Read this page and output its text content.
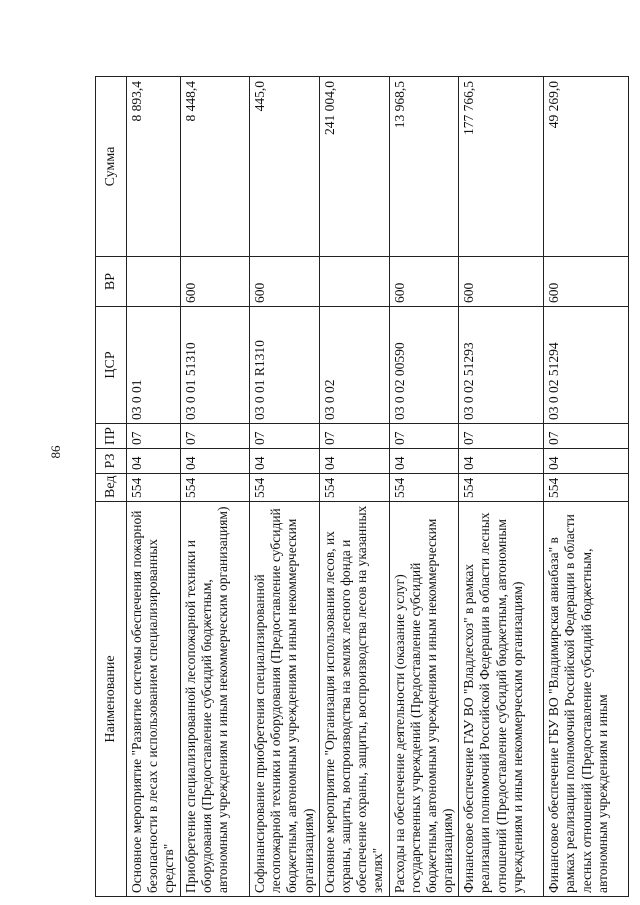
86
Наименование	Вед	РЗ	ПР	ЦСР	ВР	Сумма
Основное мероприятие "Развитие системы обеспечения пожарной безопасности в лесах с использованием специализированных средств"	554	04	07	03 0 01		8 893,4
Приобретение специализированной лесопожарной техники и оборудования (Предоставление субсидий бюджетным, автономным учреждениям и иным некоммерческим организациям)	554	04	07	03 0 01 51310	600	8 448,4
Софинансирование приобретения специализированной лесопожарной техники и оборудования (Предоставление субсидий бюджетным, автономным учреждениям и иным некоммерческим организациям)	554	04	07	03 0 01 R1310	600	445,0
Основное мероприятие "Организация использования лесов, их охраны, защиты, воспроизводства на землях лесного фонда и обеспечение охраны, защиты, воспроизводства лесов на указанных землях"	554	04	07	03 0 02		241 004,0
Расходы на обеспечение деятельности (оказание услуг) государственных учреждений (Предоставление субсидий бюджетным, автономным учреждениям и иным некоммерческим организациям)	554	04	07	03 0 02 00590	600	13 968,5
Финансовое обеспечение ГАУ ВО "Владлесхоз" в рамках реализации полномочий Российской Федерации в области лесных отношений (Предоставление субсидий бюджетным, автономным учреждениям и иным некоммерческим организациям)	554	04	07	03 0 02 51293	600	177 766,5
Финансовое обеспечение ГБУ ВО "Владимирская авиабаза" в рамках реализации полномочий Российской Федерации в области лесных отношений (Предоставление субсидий бюджетным, автономным учреждениям и иным	554	04	07	03 0 02 51294	600	49 269,0
